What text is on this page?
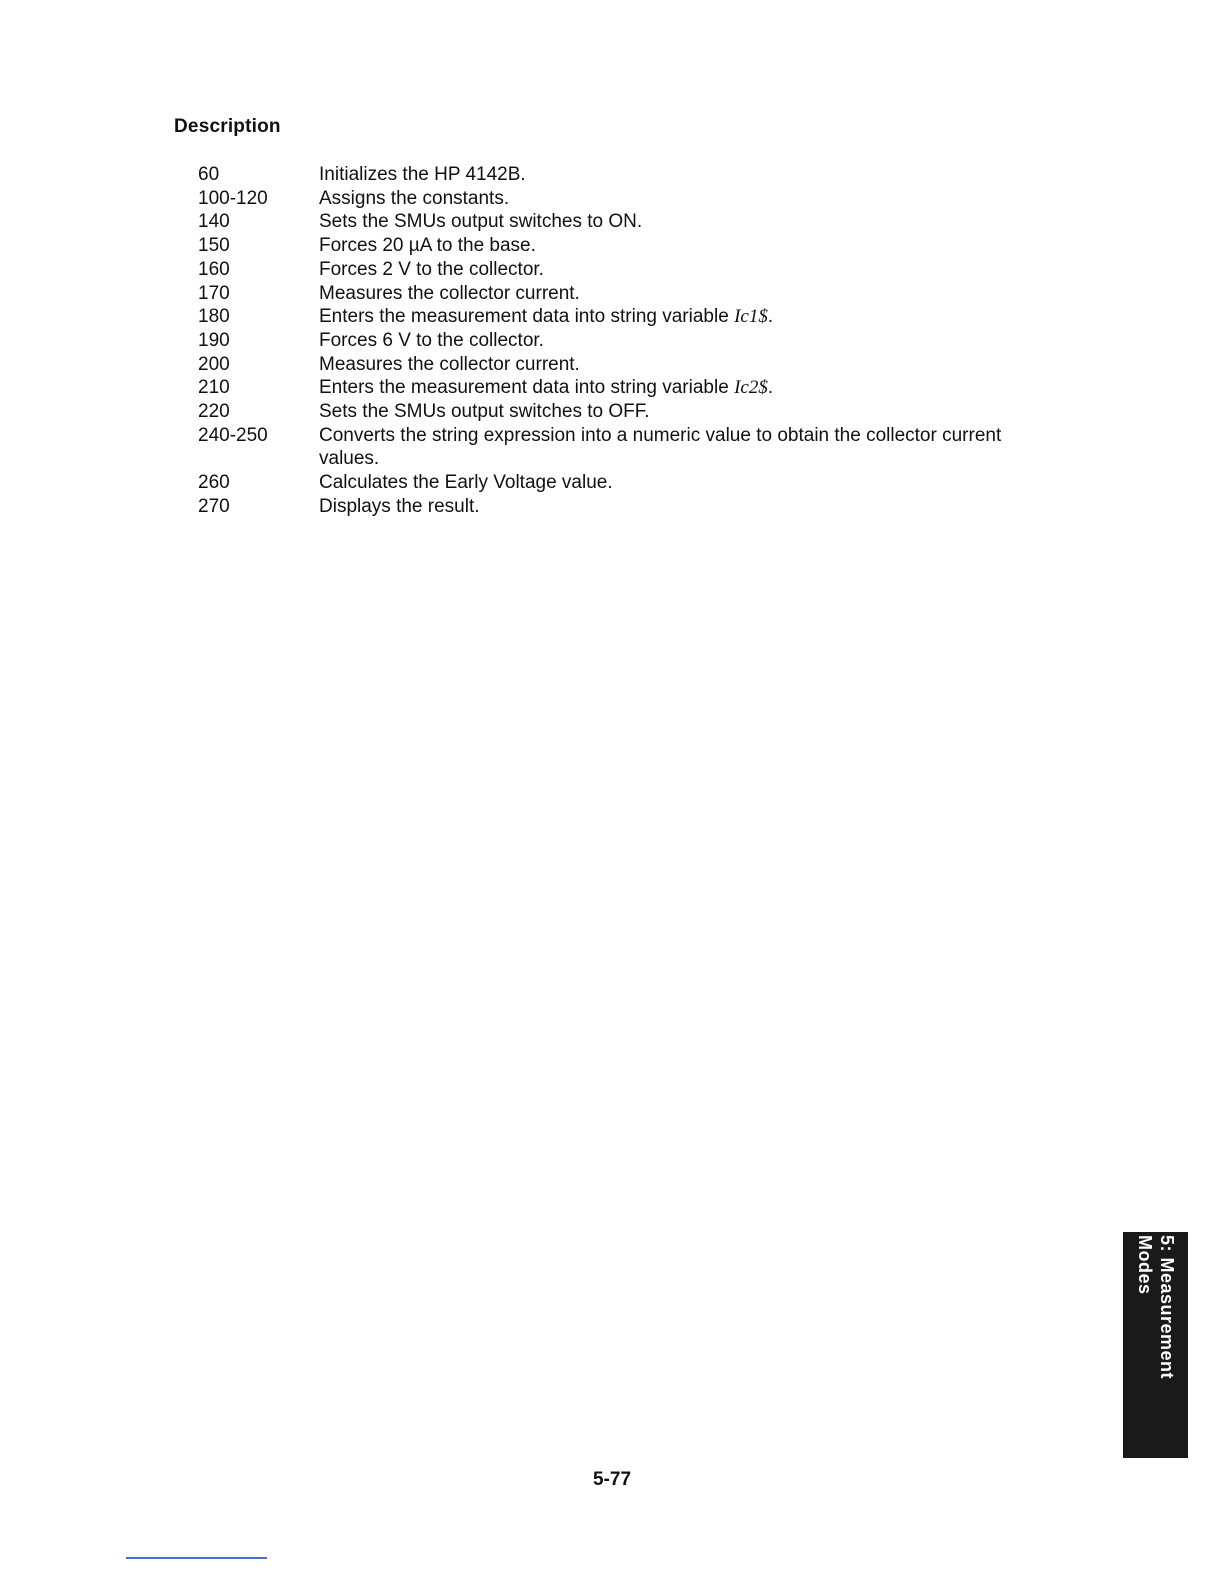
Description
60	Initializes the HP 4142B.
100-120	Assigns the constants.
140	Sets the SMUs output switches to ON.
150	Forces 20 µA to the base.
160	Forces 2 V to the collector.
170	Measures the collector current.
180	Enters the measurement data into string variable Ic1$.
190	Forces 6 V to the collector.
200	Measures the collector current.
210	Enters the measurement data into string variable Ic2$.
220	Sets the SMUs output switches to OFF.
240-250	Converts the string expression into a numeric value to obtain the collector current values.
260	Calculates the Early Voltage value.
270	Displays the result.
5-77
5: Measurement
Modes
